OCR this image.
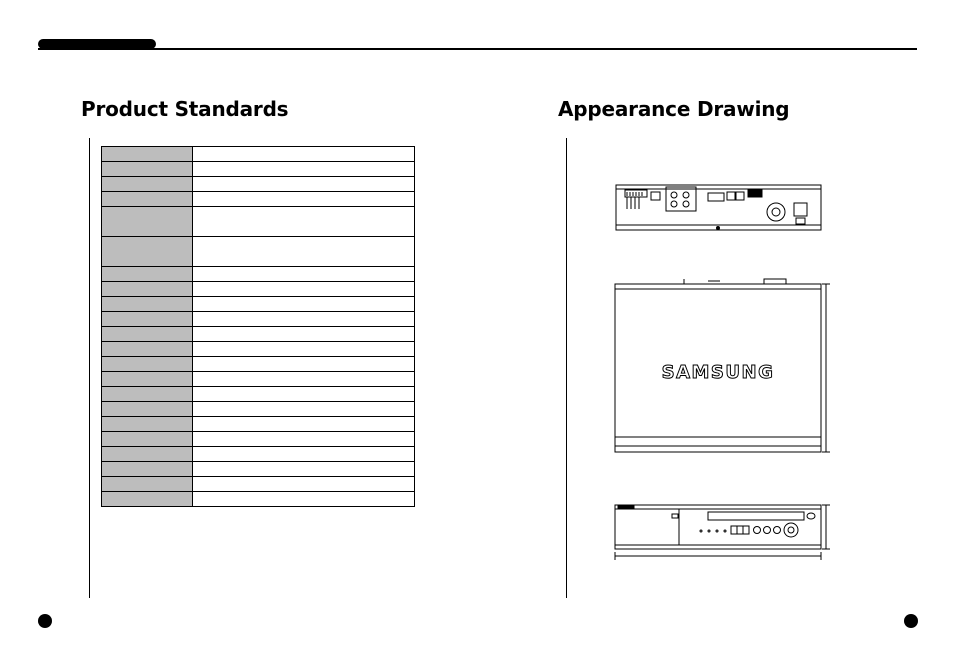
Product Standards	Appearance Drawing

SAMSUNG
